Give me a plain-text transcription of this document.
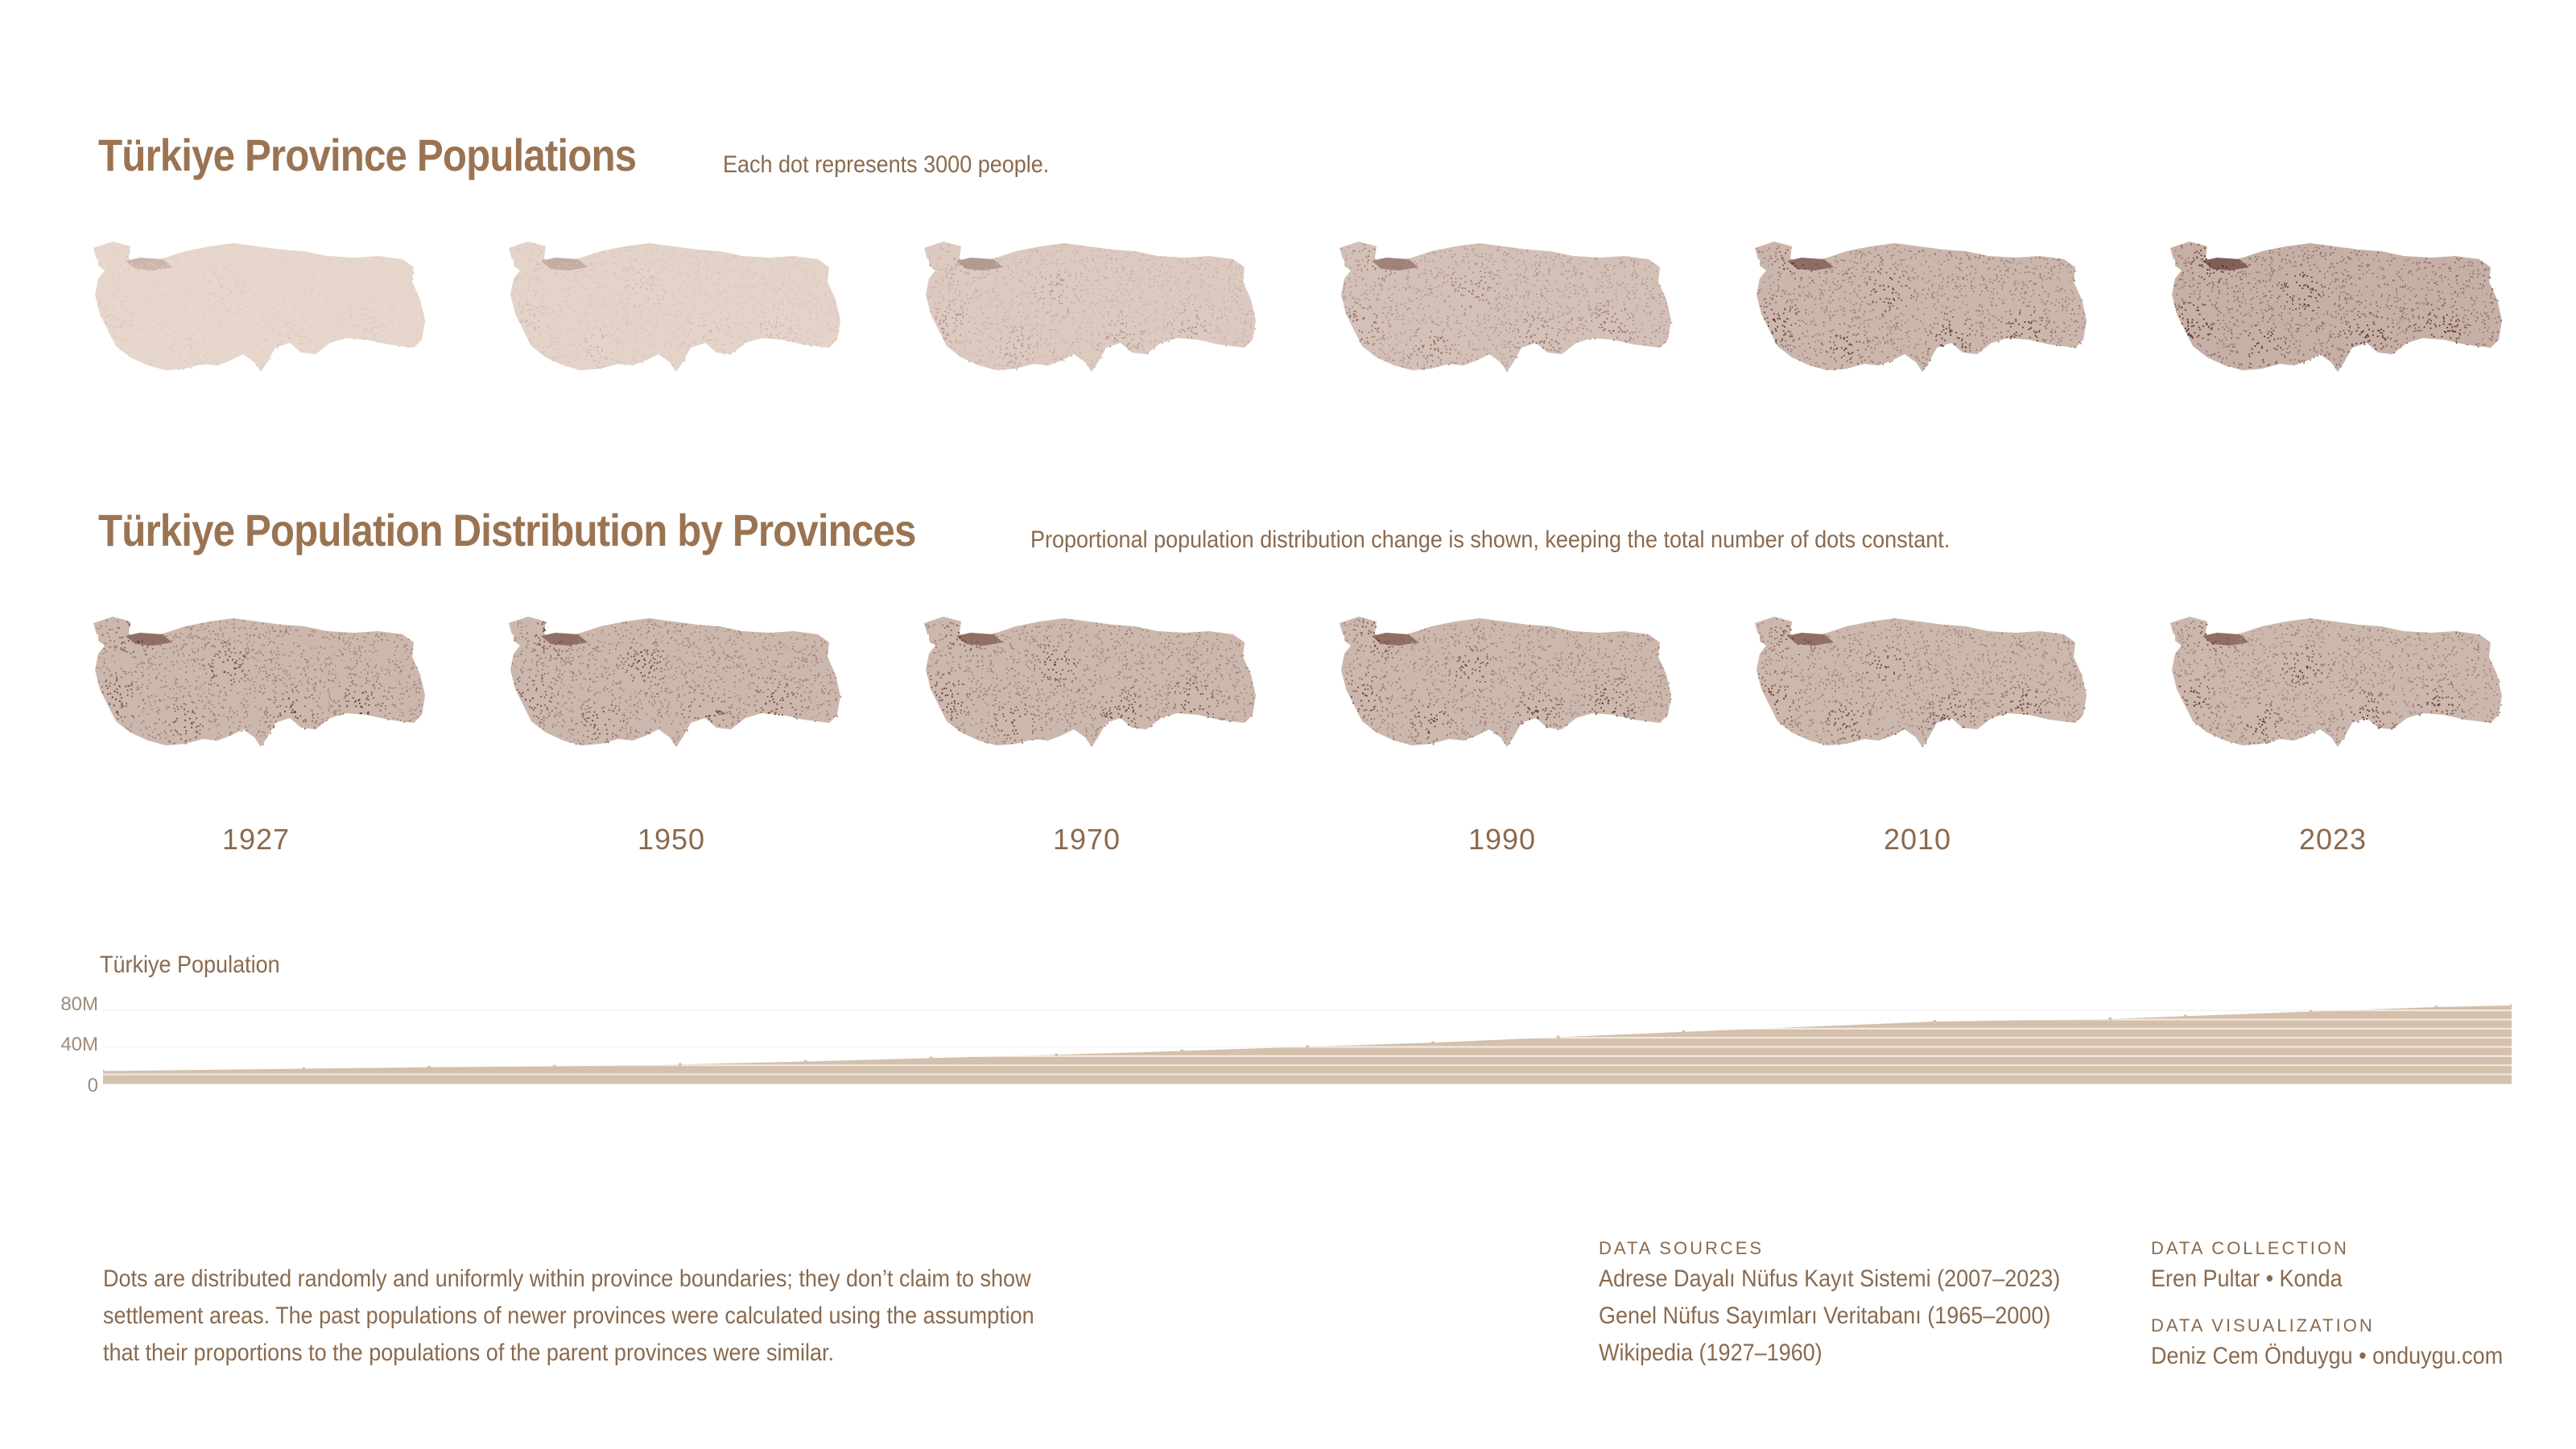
Türkiye Province Populations	Each dot represents 3000 people.
Türkiye Population Distribution by Provinces	Proportional population distribution change is shown, keeping the total number of dots constant.
1927	1950	1970	1990	2010	2023
Türkiye Population
80M
40M
0
Dots are distributed randomly and uniformly within province boundaries; they don’t claim to show settlement areas. The past populations of newer provinces were calculated using the assumption that their proportions to the populations of the parent provinces were similar.
DATA SOURCES
Adrese Dayalı Nüfus Kayıt Sistemi (2007–2023)
Genel Nüfus Sayımları Veritabanı (1965–2000)
Wikipedia (1927–1960)
DATA COLLECTION
Eren Pultar • Konda
DATA VISUALIZATION
Deniz Cem Önduygu • onduygu.com
